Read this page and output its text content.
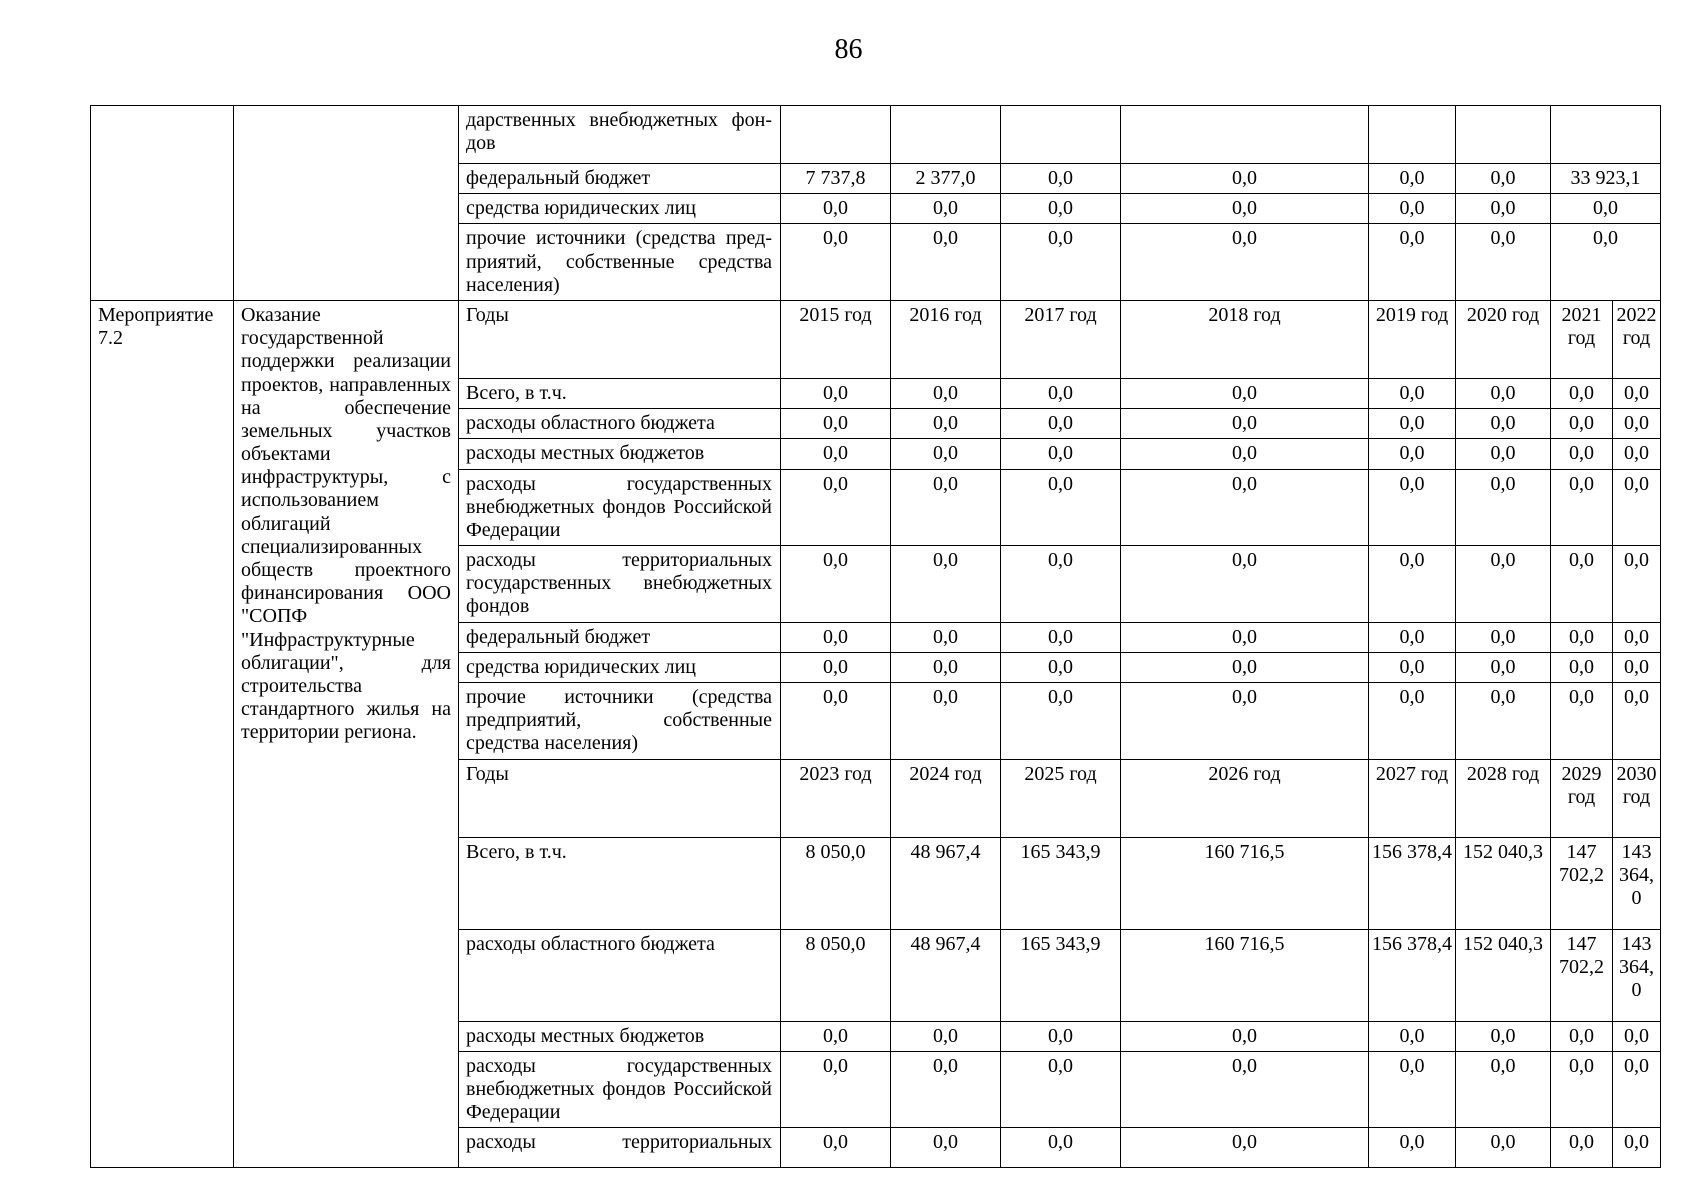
86
		дарственных внебюджетных фон-дов								
		федеральный бюджет	7 737,8	2 377,0	0,0	0,0	0,0	0,0	33 923,1	
		средства юридических лиц	0,0	0,0	0,0	0,0	0,0	0,0	0,0	
		прочие источники (средства пред-приятий, собственные средства населения)	0,0	0,0	0,0	0,0	0,0	0,0	0,0	
Мероприятие 7.2	Оказание государственной поддержки реализации проектов, направленных на обеспечение земельных участков объектами инфраструктуры, с использованием облигаций специализированных обществ проектного финансирования ООО "СОПФ "Инфраструктурные облигации", для строительства стандартного жилья на территории региона.	Годы	2015 год	2016 год	2017 год	2018 год	2019 год	2020 год	2021 год	2022 год
		Всего, в т.ч.	0,0	0,0	0,0	0,0	0,0	0,0	0,0	0,0
		расходы областного бюджета	0,0	0,0	0,0	0,0	0,0	0,0	0,0	0,0
		расходы местных бюджетов	0,0	0,0	0,0	0,0	0,0	0,0	0,0	0,0
		расходы государственных внебюджетных фондов Российской Федерации	0,0	0,0	0,0	0,0	0,0	0,0	0,0	0,0
		расходы территориальных государственных внебюджетных фондов	0,0	0,0	0,0	0,0	0,0	0,0	0,0	0,0
		федеральный бюджет	0,0	0,0	0,0	0,0	0,0	0,0	0,0	0,0
		средства юридических лиц	0,0	0,0	0,0	0,0	0,0	0,0	0,0	0,0
		прочие источники (средства предприятий, собственные средства населения)	0,0	0,0	0,0	0,0	0,0	0,0	0,0	0,0
		Годы	2023 год	2024 год	2025 год	2026 год	2027 год	2028 год	2029 год	2030 год
		Всего, в т.ч.	8 050,0	48 967,4	165 343,9	160 716,5	156 378,4	152 040,3	147 702,2	143 364,0
		расходы областного бюджета	8 050,0	48 967,4	165 343,9	160 716,5	156 378,4	152 040,3	147 702,2	143 364,0
		расходы местных бюджетов	0,0	0,0	0,0	0,0	0,0	0,0	0,0	0,0
		расходы государственных внебюджетных фондов Российской Федерации	0,0	0,0	0,0	0,0	0,0	0,0	0,0	0,0
		расходы территориальных	0,0	0,0	0,0	0,0	0,0	0,0	0,0	0,0
